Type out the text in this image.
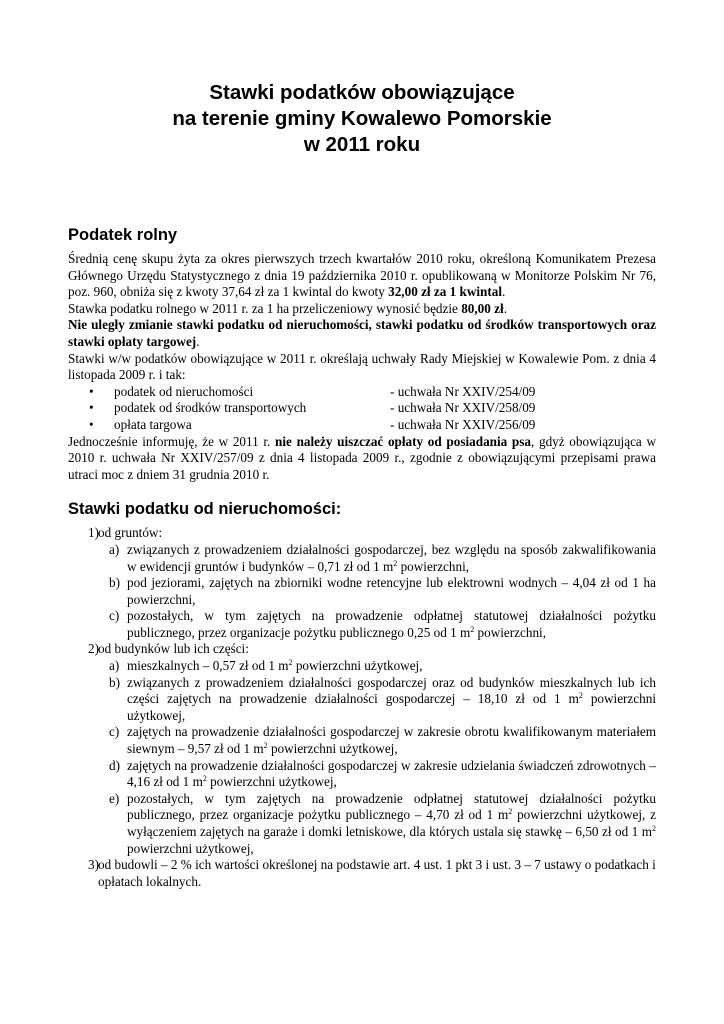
Stawki podatków obowiązujące
na terenie gminy Kowalewo Pomorskie
w 2011 roku
Podatek rolny

Średnią cenę skupu żyta za okres pierwszych trzech kwartałów 2010 roku, określoną Komunikatem Prezesa Głównego Urzędu Statystycznego z dnia 19 października 2010 r. opublikowaną w Monitorze Polskim Nr 76, poz. 960, obniża się z kwoty 37,64 zł za 1 kwintal do kwoty 32,00 zł za 1 kwintal.

Stawka podatku rolnego w 2011 r. za 1 ha przeliczeniowy wynosić będzie 80,00 zł.

Nie uległy zmianie stawki podatku od nieruchomości, stawki podatku od środków transportowych oraz stawki opłaty targowej.

Stawki w/w podatków obowiązujące w 2011 r. określają uchwały Rady Miejskiej w Kowalewie Pom. z dnia 4 listopada 2009 r. i tak:

• podatek od nieruchomości	- uchwała Nr XXIV/254/09
• podatek od środków transportowych	- uchwała Nr XXIV/258/09
• opłata targowa	- uchwała Nr XXIV/256/09

Jednocześnie informuję, że w 2011 r. nie należy uiszczać opłaty od posiadania psa, gdyż obowiązująca w 2010 r. uchwała Nr XXIV/257/09 z dnia 4 listopada 2009 r., zgodnie z obowiązującymi przepisami prawa utraci moc z dniem 31 grudnia 2010 r.

Stawki podatku od nieruchomości:
1) od gruntów:
a) związanych z prowadzeniem działalności gospodarczej, bez względu na sposób zakwalifikowania w ewidencji gruntów i budynków – 0,71 zł od 1 $m^2$ powierzchni,
b) pod jeziorami, zajętych na zbiorniki wodne retencyjne lub elektrowni wodnych – 4,04 zł od 1 ha powierzchni,
c) pozostałych, w tym zajętych na prowadzenie odpłatnej statutowej działalności pożytku publicznego, przez organizacje pożytku publicznego 0,25 od 1 $m^2$ powierzchni,
2) od budynków lub ich części:
a) mieszkalnych – 0,57 zł od 1 $m^2$ powierzchni użytkowej,
b) związanych z prowadzeniem działalności gospodarczej oraz od budynków mieszkalnych lub ich części zajętych na prowadzenie działalności gospodarczej – 18,10 zł od 1 $m^2$ powierzchni użytkowej,
c) zajętych na prowadzenie działalności gospodarczej w zakresie obrotu kwalifikowanym materiałem siewnym – 9,57 zł od 1 $m^2$ powierzchni użytkowej,
d) zajętych na prowadzenie działalności gospodarczej w zakresie udzielania świadczeń zdrowotnych – 4,16 zł od 1 $m^2$ powierzchni użytkowej,
e) pozostałych, w tym zajętych na prowadzenie odpłatnej statutowej działalności pożytku publicznego, przez organizacje pożytku publicznego – 4,70 zł od 1 $m^2$ powierzchni użytkowej, z wyłączeniem zajętych na garaże i domki letniskowe, dla których ustala się stawkę – 6,50 zł od 1 $m^2$ powierzchni użytkowej,
3) od budowli – 2 % ich wartości określonej na podstawie art. 4 ust. 1 pkt 3 i ust. 3 – 7 ustawy o podatkach i opłatach lokalnych.
